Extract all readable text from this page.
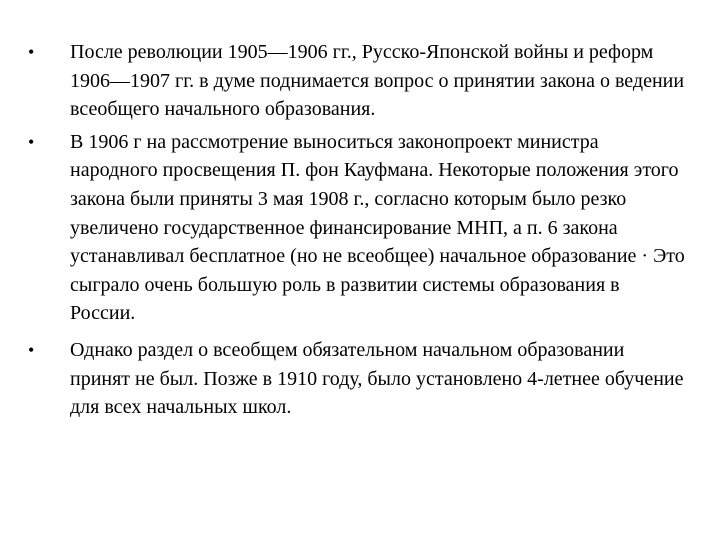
•	После революции 1905—1906 гг., Русско-Японской войны и реформ 1906—1907 гг. в думе поднимается вопрос о принятии закона о ведении всеобщего начального образования.
•	В 1906 г на рассмотрение выноситься законопроект министра народного просвещения П. фон Кауфмана. Некоторые положения этого закона были приняты 3 мая 1908 г., согласно которым было резко увеличено государственное финансирование МНП, а п. 6 закона устанавливал бесплатное (но не всеобщее) начальное образование · Это сыграло очень большую роль в развитии системы образования в России.
•	Однако раздел о всеобщем обязательном начальном образовании принят не был. Позже в 1910 году, было установлено 4-летнее обучение для всех начальных школ.
